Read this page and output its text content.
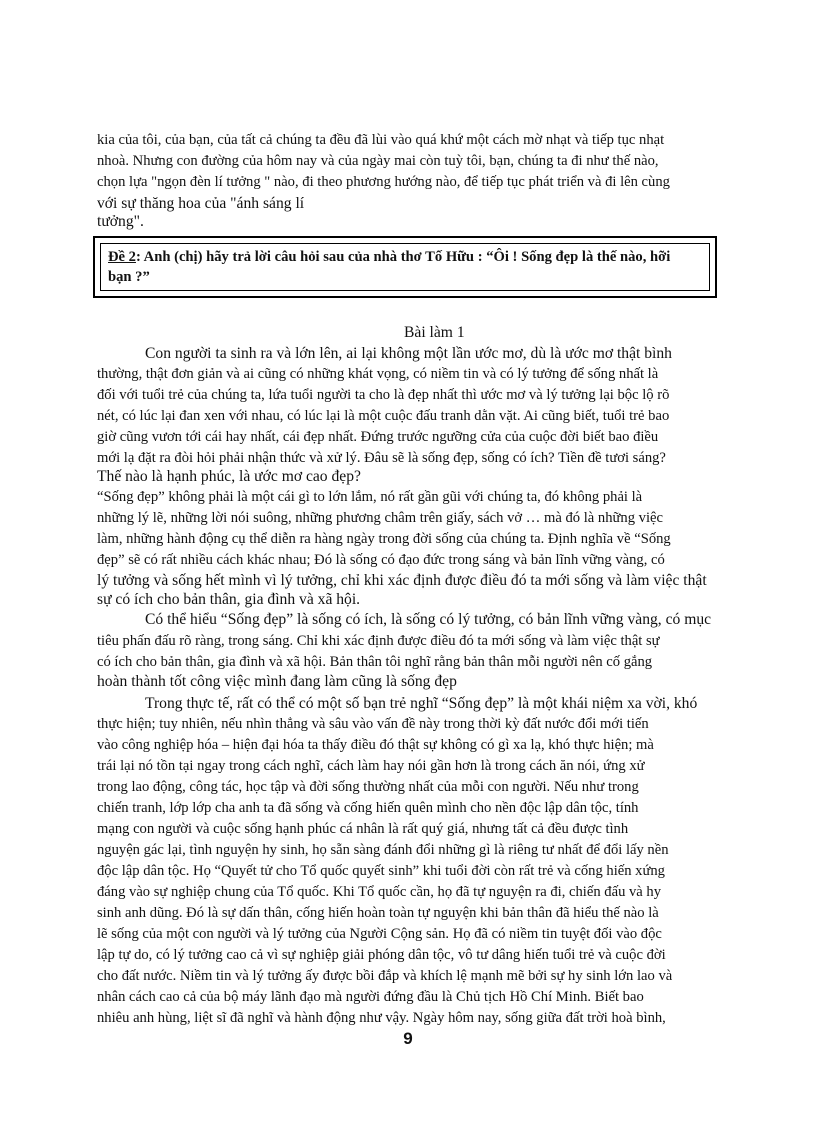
kia của tôi, của bạn, của tất cả chúng ta đều đã lùi vào quá khứ một cách mờ nhạt và tiếp tục nhạt
nhoà. Nhưng con đường của hôm nay và của ngày mai còn tuỳ tôi, bạn, chúng ta đi như thế nào,
chọn lựa "ngọn đèn lí tưởng " nào, đi theo phương hướng nào, để tiếp tục phát triển và đi lên cùng
với sự thăng hoa của "ánh sáng lí
tưởng".
Đề 2: Anh (chị) hãy trả lời câu hỏi sau của nhà thơ Tố Hữu : “Ôi ! Sống đẹp là thế nào, hỡi
bạn ?”
Bài làm 1
Con người ta sinh ra và lớn lên, ai lại không một lần ước mơ, dù là ước mơ thật bình
thường, thật đơn giản và ai cũng có những khát vọng, có niềm tin và có lý tưởng để sống nhất là
đối với tuổi trẻ của chúng ta, lứa tuổi người ta cho là đẹp nhất thì ước mơ và lý tưởng lại bộc lộ rõ
nét, có lúc lại đan xen với nhau, có lúc lại là một cuộc đấu tranh dằn vặt. Ai cũng biết, tuổi trẻ bao
giờ cũng vươn tới cái hay nhất, cái đẹp nhất. Đứng trước ngưỡng cửa của cuộc đời biết bao điều
mới lạ đặt ra đòi hỏi phải nhận thức và xử lý. Đâu sẽ là sống đẹp, sống có ích? Tiền đề tươi sáng?
Thế nào là hạnh phúc, là ước mơ cao đẹp?
“Sống đẹp” không phải là một cái gì to lớn lắm, nó rất gần gũi với chúng ta, đó không phải là
những lý lẽ, những lời nói suông, những phương châm trên giấy, sách vở … mà đó là những việc
làm, những hành động cụ thể diễn ra hàng ngày trong đời sống của chúng ta. Định nghĩa về “Sống
đẹp” sẽ có rất nhiều cách khác nhau; Đó là sống có đạo đức trong sáng và bản lĩnh vững vàng, có
lý tưởng và sống hết mình vì lý tưởng, chỉ khi xác định được điều đó ta mới sống và làm việc thật
sự có ích cho bản thân, gia đình và xã hội.
Có thể hiểu “Sống đẹp” là sống có ích, là sống có lý tưởng, có bản lĩnh vững vàng, có mục
tiêu phấn đấu rõ ràng, trong sáng. Chỉ khi xác định được điều đó ta mới sống và làm việc thật sự
có ích cho bản thân, gia đình và xã hội. Bản thân tôi nghĩ rằng bản thân mỗi người nên cố gắng
hoàn thành tốt công việc mình đang làm cũng là sống đẹp
Trong thực tế, rất có thể có một số bạn trẻ nghĩ “Sống đẹp” là một khái niệm xa vời, khó
thực hiện; tuy nhiên, nếu nhìn thẳng và sâu vào vấn đề này trong thời kỳ đất nước đổi mới tiến
vào công nghiệp hóa – hiện đại hóa ta thấy điều đó thật sự không có gì xa lạ, khó thực hiện; mà
trái lại nó tồn tại ngay trong cách nghĩ, cách làm hay nói gần hơn là trong cách ăn nói, ứng xử
trong lao động, công tác, học tập và đời sống thường nhất của mỗi con người. Nếu như trong
chiến tranh, lớp lớp cha anh ta đã sống và cống hiến quên mình cho nền độc lập dân tộc, tính
mạng con người và cuộc sống hạnh phúc cá nhân là rất quý giá, nhưng tất cả đều được tình
nguyện gác lại, tình nguyện hy sinh, họ sẵn sàng đánh đổi những gì là riêng tư nhất để đổi lấy nền
độc lập dân tộc. Họ “Quyết tử cho Tổ quốc quyết sinh” khi tuổi đời còn rất trẻ và cống hiến xứng
đáng vào sự nghiệp chung của Tổ quốc. Khi Tổ quốc cần, họ đã tự nguyện ra đi, chiến đấu và hy
sinh anh dũng. Đó là sự dấn thân, cống hiến hoàn toàn tự nguyện khi bản thân đã hiểu thế nào là
lẽ sống của một con người và lý tưởng của Người Cộng sản. Họ đã có niềm tin tuyệt đối vào độc
lập tự do, có lý tưởng cao cả vì sự nghiệp giải phóng dân tộc, vô tư dâng hiến tuổi trẻ và cuộc đời
cho đất nước. Niềm tin và lý tưởng ấy được bồi đắp và khích lệ mạnh mẽ bởi sự hy sinh lớn lao và
nhân cách cao cả của bộ máy lãnh đạo mà người đứng đầu là Chủ tịch Hồ Chí Minh. Biết bao
nhiêu anh hùng, liệt sĩ đã nghĩ và hành động như vậy. Ngày hôm nay, sống giữa đất trời hoà bình,
9
